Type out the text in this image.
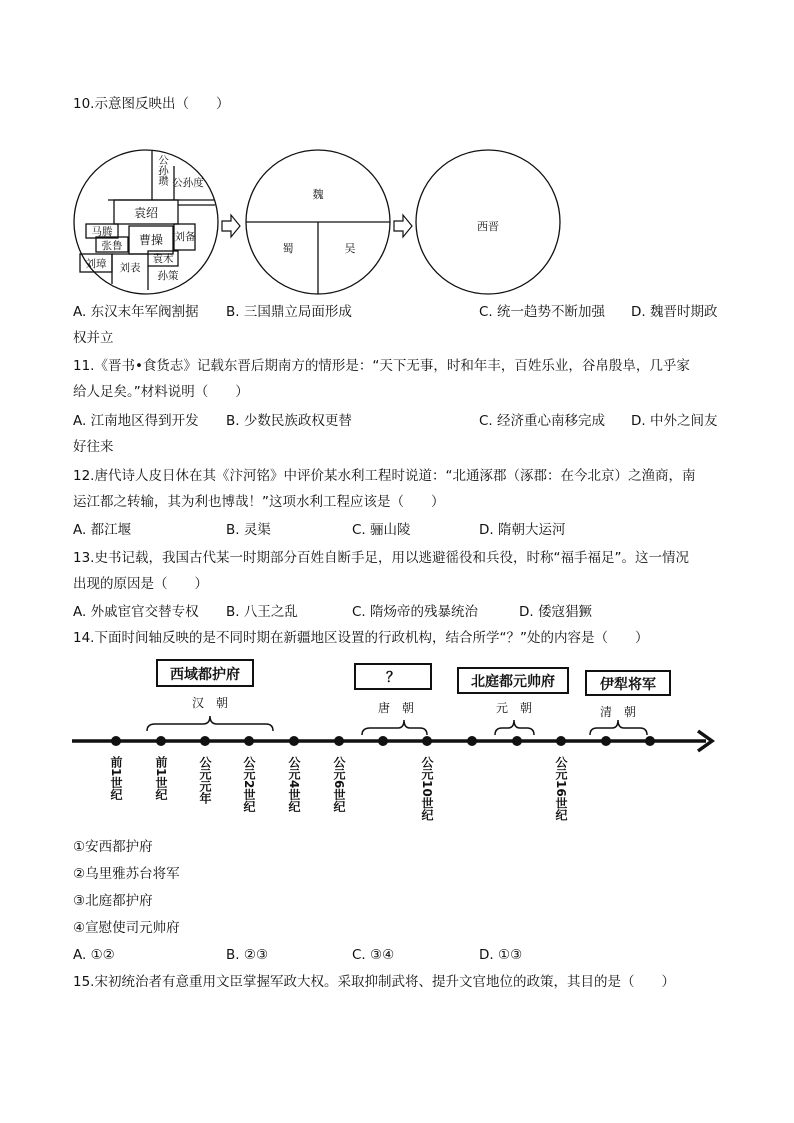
10.示意图反映出（　　）
公孙瓒 公孙度
袁绍
马腾
张鲁 曹操 刘备
刘璋 刘表
袁术
孙策
魏
蜀	吴
西晋
A. 东汉末年军阀割据 B. 三国鼎立局面形成	C. 统一趋势不断加强 D. 魏晋时期政
权并立
11.《晋书•食货志》记载东晋后期南方的情形是：“天下无事，时和年丰，百姓乐业，谷帛殷阜，几乎家
给人足矣。”材料说明（　　）
A. 江南地区得到开发 B. 少数民族政权更替	C. 经济重心南移完成 D. 中外之间友
好往来
12.唐代诗人皮日休在其《汴河铭》中评价某水利工程时说道：“北通涿郡（涿郡：在今北京）之渔商，南
运江都之转输，其为利也博哉！”这项水利工程应该是（　　）
A. 都江堰	B. 灵渠	C. 骊山陵	D. 隋朝大运河
13.史书记载，我国古代某一时期部分百姓自断手足，用以逃避徭役和兵役，时称“福手福足”。这一情况
出现的原因是（　　）
A. 外戚宦官交替专权 B. 八王之乱	C. 隋炀帝的残暴统治	D. 倭寇猖獗
14.下面时间轴反映的是不同时期在新疆地区设置的行政机构，结合所学“？”处的内容是（　　）
西域都护府	？	北庭都元帅府	伊犁将军
汉　朝	唐　朝	元　朝	清　朝
前1世纪	前1世纪	公元元年	公元2世纪	公元4世纪	公元6世纪	公元10世纪	公元16世纪
①安西都护府
②乌里雅苏台将军
③北庭都护府
④宣慰使司元帅府
A. ①②	B. ②③	C. ③④	D. ①③
15.宋初统治者有意重用文臣掌握军政大权。采取抑制武将、提升文官地位的政策，其目的是（　　）
